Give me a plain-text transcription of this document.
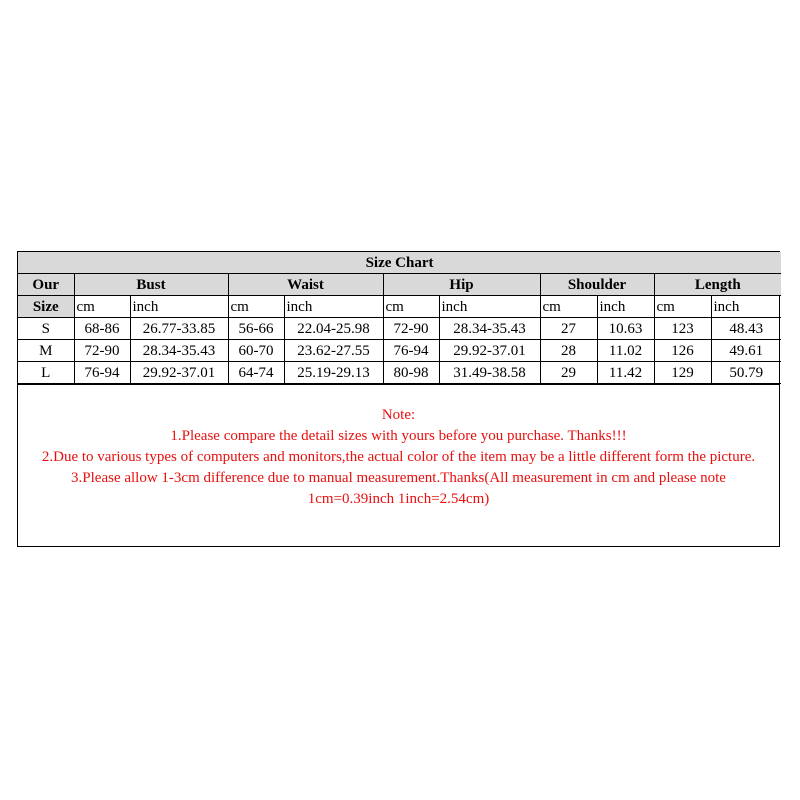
Size Chart										
Our	Bust		Waist		Hip		Shoulder		Length	
Size	cm	inch	cm	inch	cm	inch	cm	inch	cm	inch
S	68-86	26.77-33.85	56-66	22.04-25.98	72-90	28.34-35.43	27	10.63	123	48.43
M	72-90	28.34-35.43	60-70	23.62-27.55	76-94	29.92-37.01	28	11.02	126	49.61
L	76-94	29.92-37.01	64-74	25.19-29.13	80-98	31.49-38.58	29	11.42	129	50.79

Note:

1.Please compare the detail sizes with yours before you purchase. Thanks!!!

2.Due to various types of computers and monitors,the actual color of the item may be a little different form the picture.

3.Please allow 1-3cm difference due to manual measurement.Thanks(All measurement in cm and please note 1cm=0.39inch 1inch=2.54cm)
